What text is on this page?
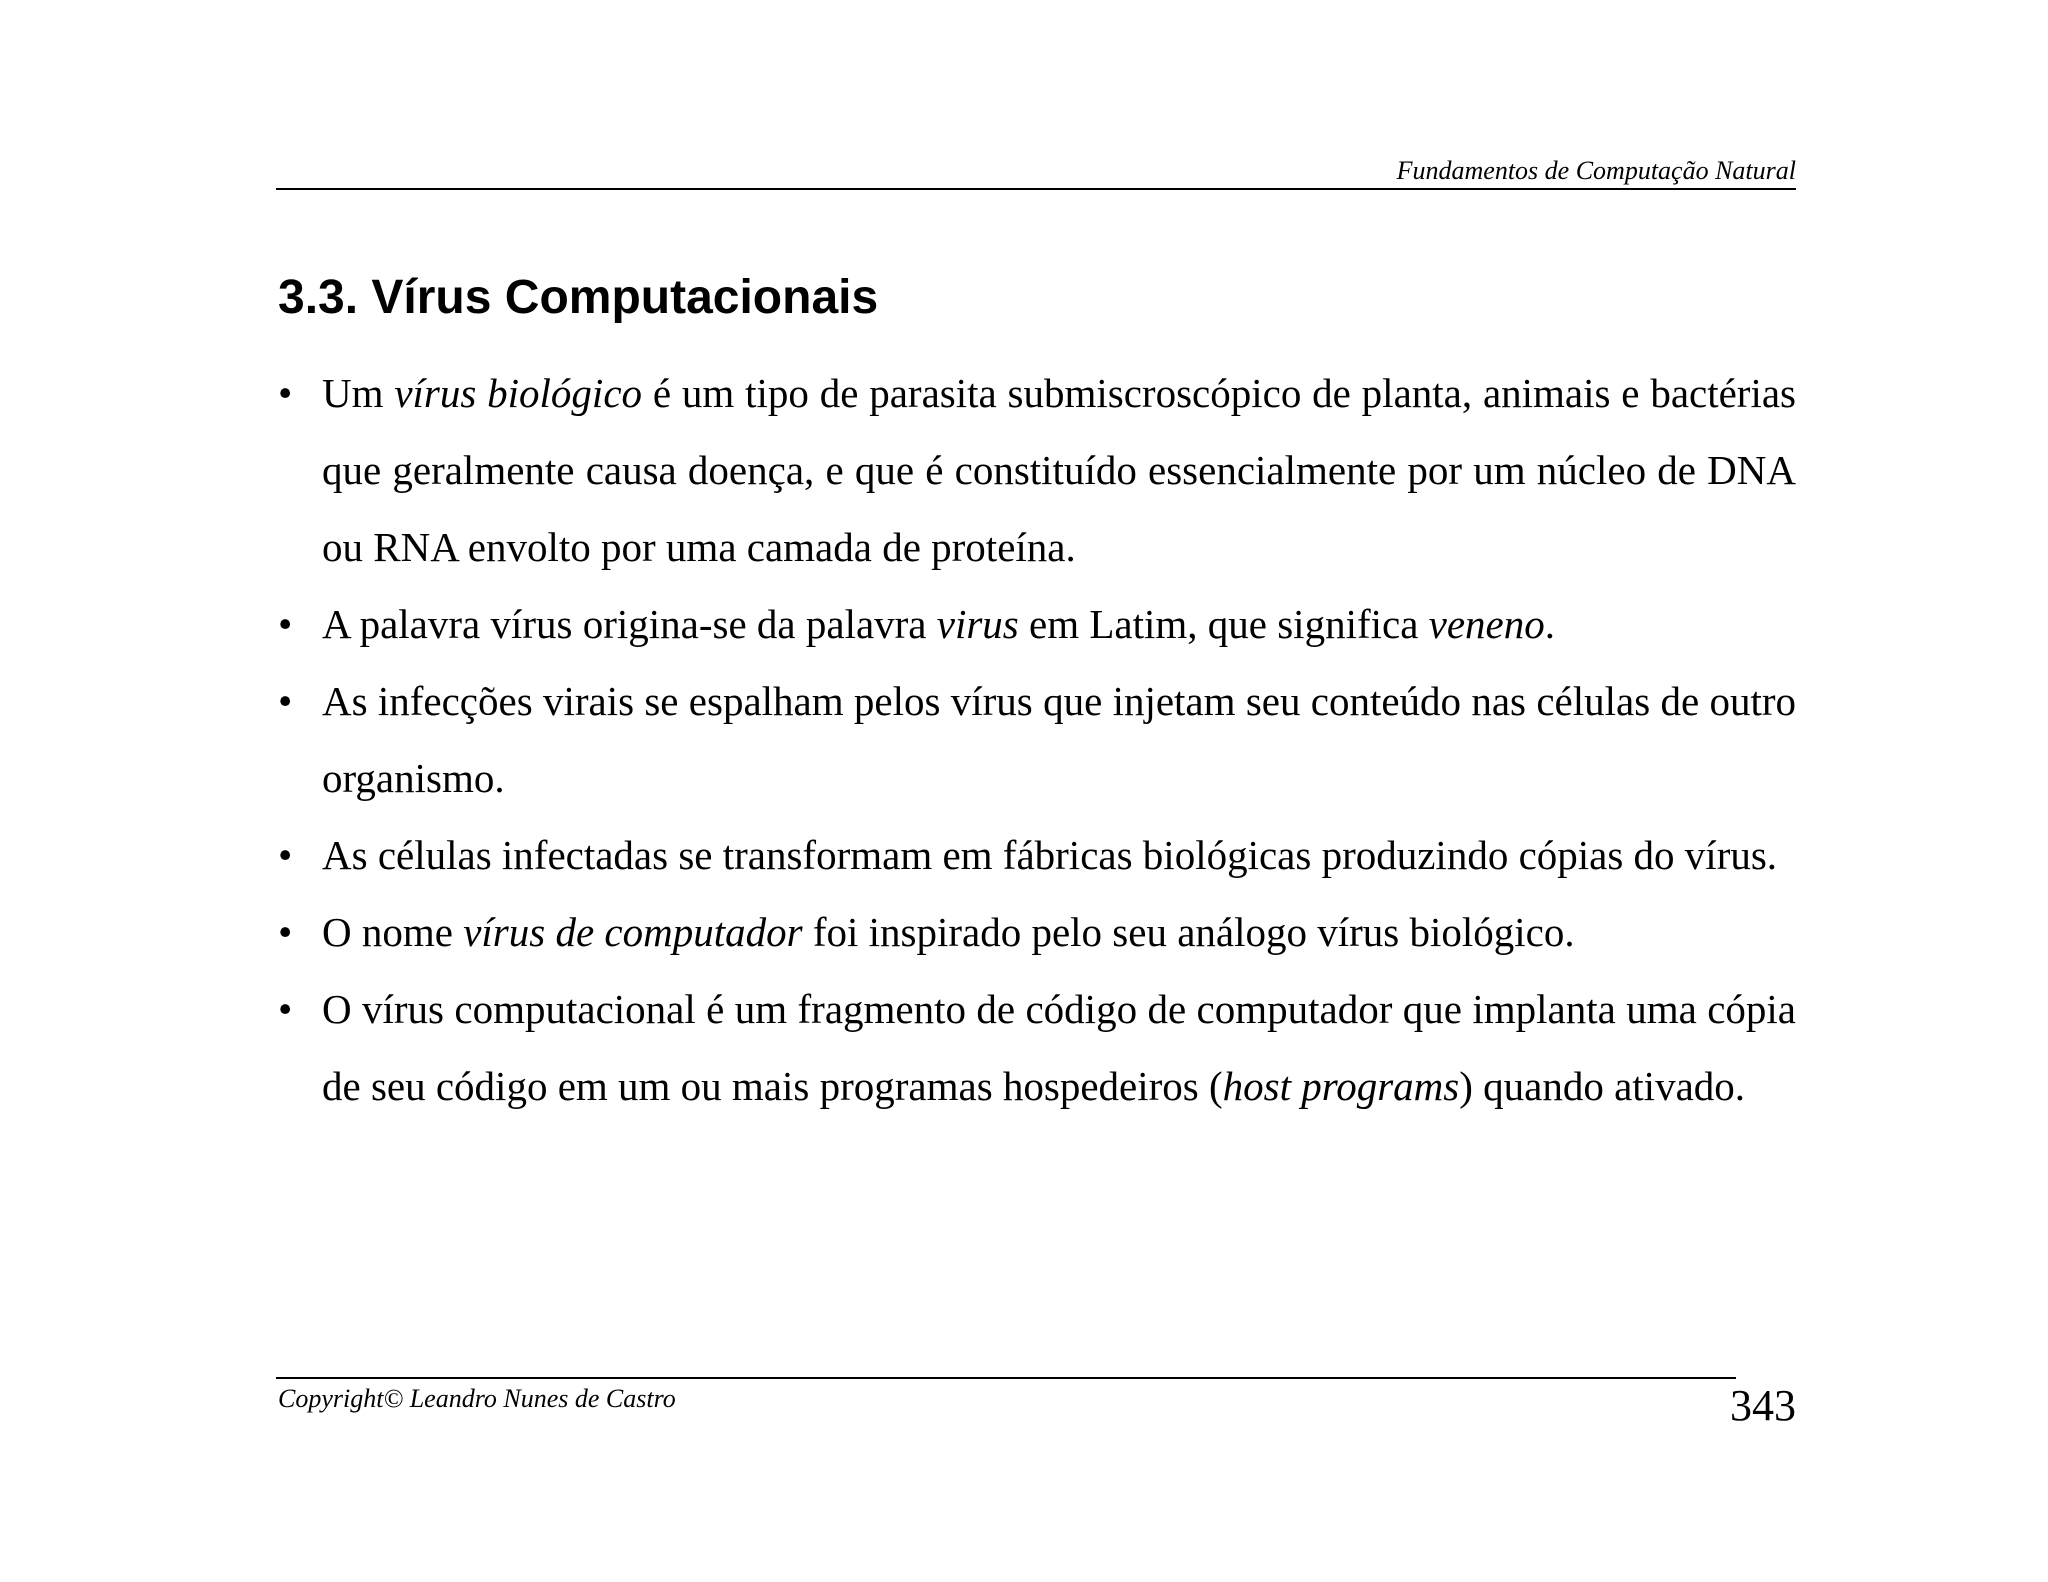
Fundamentos de Computação Natural
3.3. Vírus Computacionais
• Um vírus biológico é um tipo de parasita submiscroscópico de planta, animais e bactérias que geralmente causa doença, e que é constituído essencialmente por um núcleo de DNA ou RNA envolto por uma camada de proteína.
• A palavra vírus origina-se da palavra virus em Latim, que significa veneno.
• As infecções virais se espalham pelos vírus que injetam seu conteúdo nas células de outro organismo.
• As células infectadas se transformam em fábricas biológicas produzindo cópias do vírus.
• O nome vírus de computador foi inspirado pelo seu análogo vírus biológico.
• O vírus computacional é um fragmento de código de computador que implanta uma cópia de seu código em um ou mais programas hospedeiros (host programs) quando ativado.
Copyright© Leandro Nunes de Castro	343
